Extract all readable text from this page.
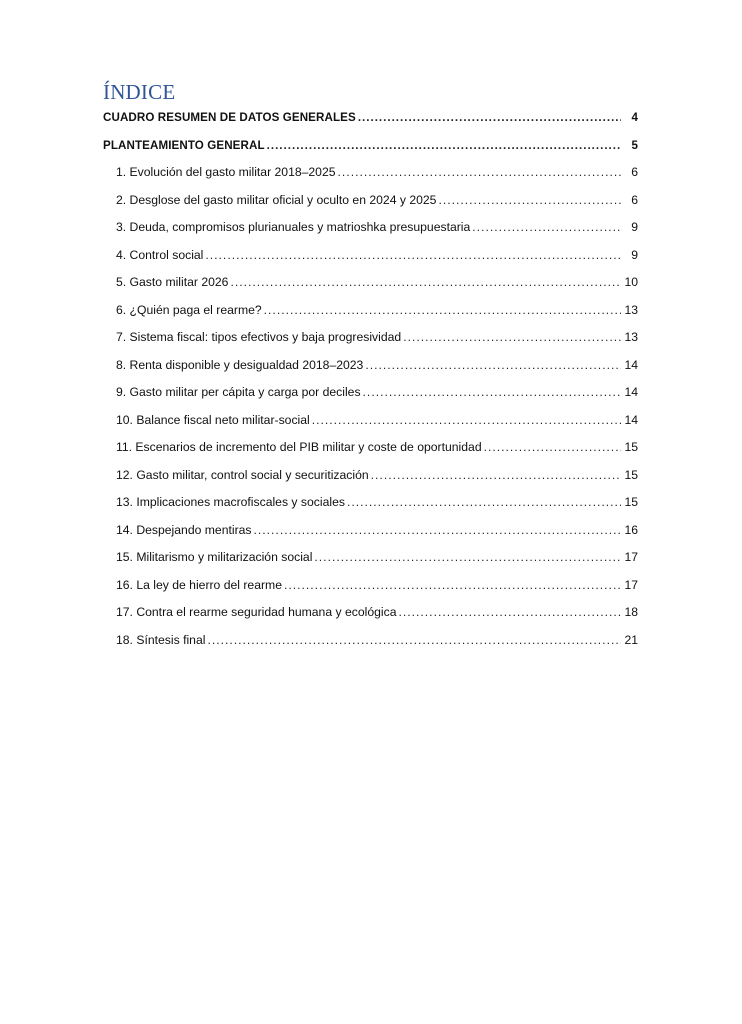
ÍNDICE
CUADRO RESUMEN DE DATOS GENERALES .....	4
PLANTEAMIENTO GENERAL .....	5
1. Evolución del gasto militar 2018–2025 .....	6
2. Desglose del gasto militar oficial y oculto en 2024 y 2025 .....	6
3. Deuda, compromisos plurianuales y matrioshka presupuestaria .....	9
4. Control social .....	9
5. Gasto militar 2026 .....	10
6. ¿Quién paga el rearme? .....	13
7. Sistema fiscal: tipos efectivos y baja progresividad .....	13
8. Renta disponible y desigualdad 2018–2023 .....	14
9. Gasto militar per cápita y carga por deciles .....	14
10. Balance fiscal neto militar-social .....	14
11. Escenarios de incremento del PIB militar y coste de oportunidad .....	15
12. Gasto militar, control social y securitización .....	15
13. Implicaciones macrofiscales y sociales .....	15
14. Despejando mentiras .....	16
15. Militarismo y militarización social .....	17
16. La ley de hierro del rearme .....	17
17. Contra el rearme seguridad humana y ecológica .....	18
18. Síntesis final .....	21
